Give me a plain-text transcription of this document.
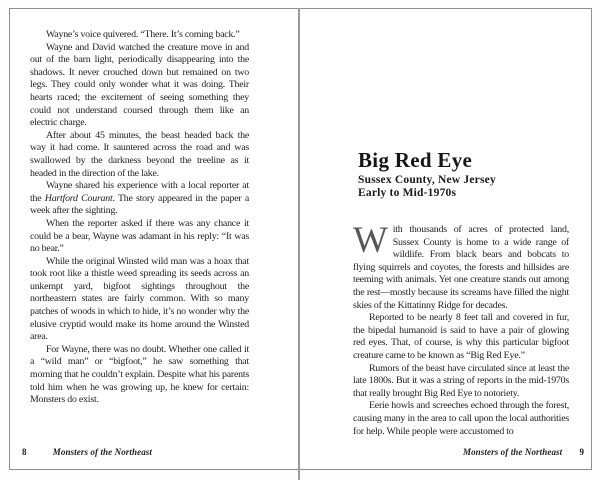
Wayne’s voice quivered. “There. It’s coming back.”

Wayne and David watched the creature move in and out of the barn light, periodically disappearing into the shadows. It never crouched down but remained on two legs. They could only wonder what it was doing. Their hearts raced; the excitement of seeing something they could not understand coursed through them like an electric charge.

After about 45 minutes, the beast headed back the way it had come. It sauntered across the road and was swallowed by the darkness beyond the treeline as it headed in the direction of the lake.

Wayne shared his experience with a local reporter at the Hartford Courant. The story appeared in the paper a week after the sighting.

When the reporter asked if there was any chance it could be a bear, Wayne was adamant in his reply: “It was no bear.”

While the original Winsted wild man was a hoax that took root like a thistle weed spreading its seeds across an unkempt yard, bigfoot sightings throughout the northeastern states are fairly common. With so many patches of woods in which to hide, it’s no wonder why the elusive cryptid would make its home around the Winsted area.

For Wayne, there was no doubt. Whether one called it a “wild man” or “bigfoot,” he saw something that morning that he couldn’t explain. Despite what his parents told him when he was growing up, he knew for certain: Monsters do exist.

8	Monsters of the Northeast
Big Red Eye
Sussex County, New Jersey
Early to Mid-1970s

With thousands of acres of protected land, Sussex County is home to a wide range of wildlife. From black bears and bobcats to flying squirrels and coyotes, the forests and hillsides are teeming with animals. Yet one creature stands out among the rest—mostly because its screams have filled the night skies of the Kittatinny Ridge for decades.

Reported to be nearly 8 feet tall and covered in fur, the bipedal humanoid is said to have a pair of glowing red eyes. That, of course, is why this particular bigfoot creature came to be known as “Big Red Eye.”

Rumors of the beast have circulated since at least the late 1800s. But it was a string of reports in the mid-1970s that really brought Big Red Eye to notoriety.

Eerie howls and screeches echoed through the forest, causing many in the area to call upon the local authorities for help. While people were accustomed to

Monsters of the Northeast 9
